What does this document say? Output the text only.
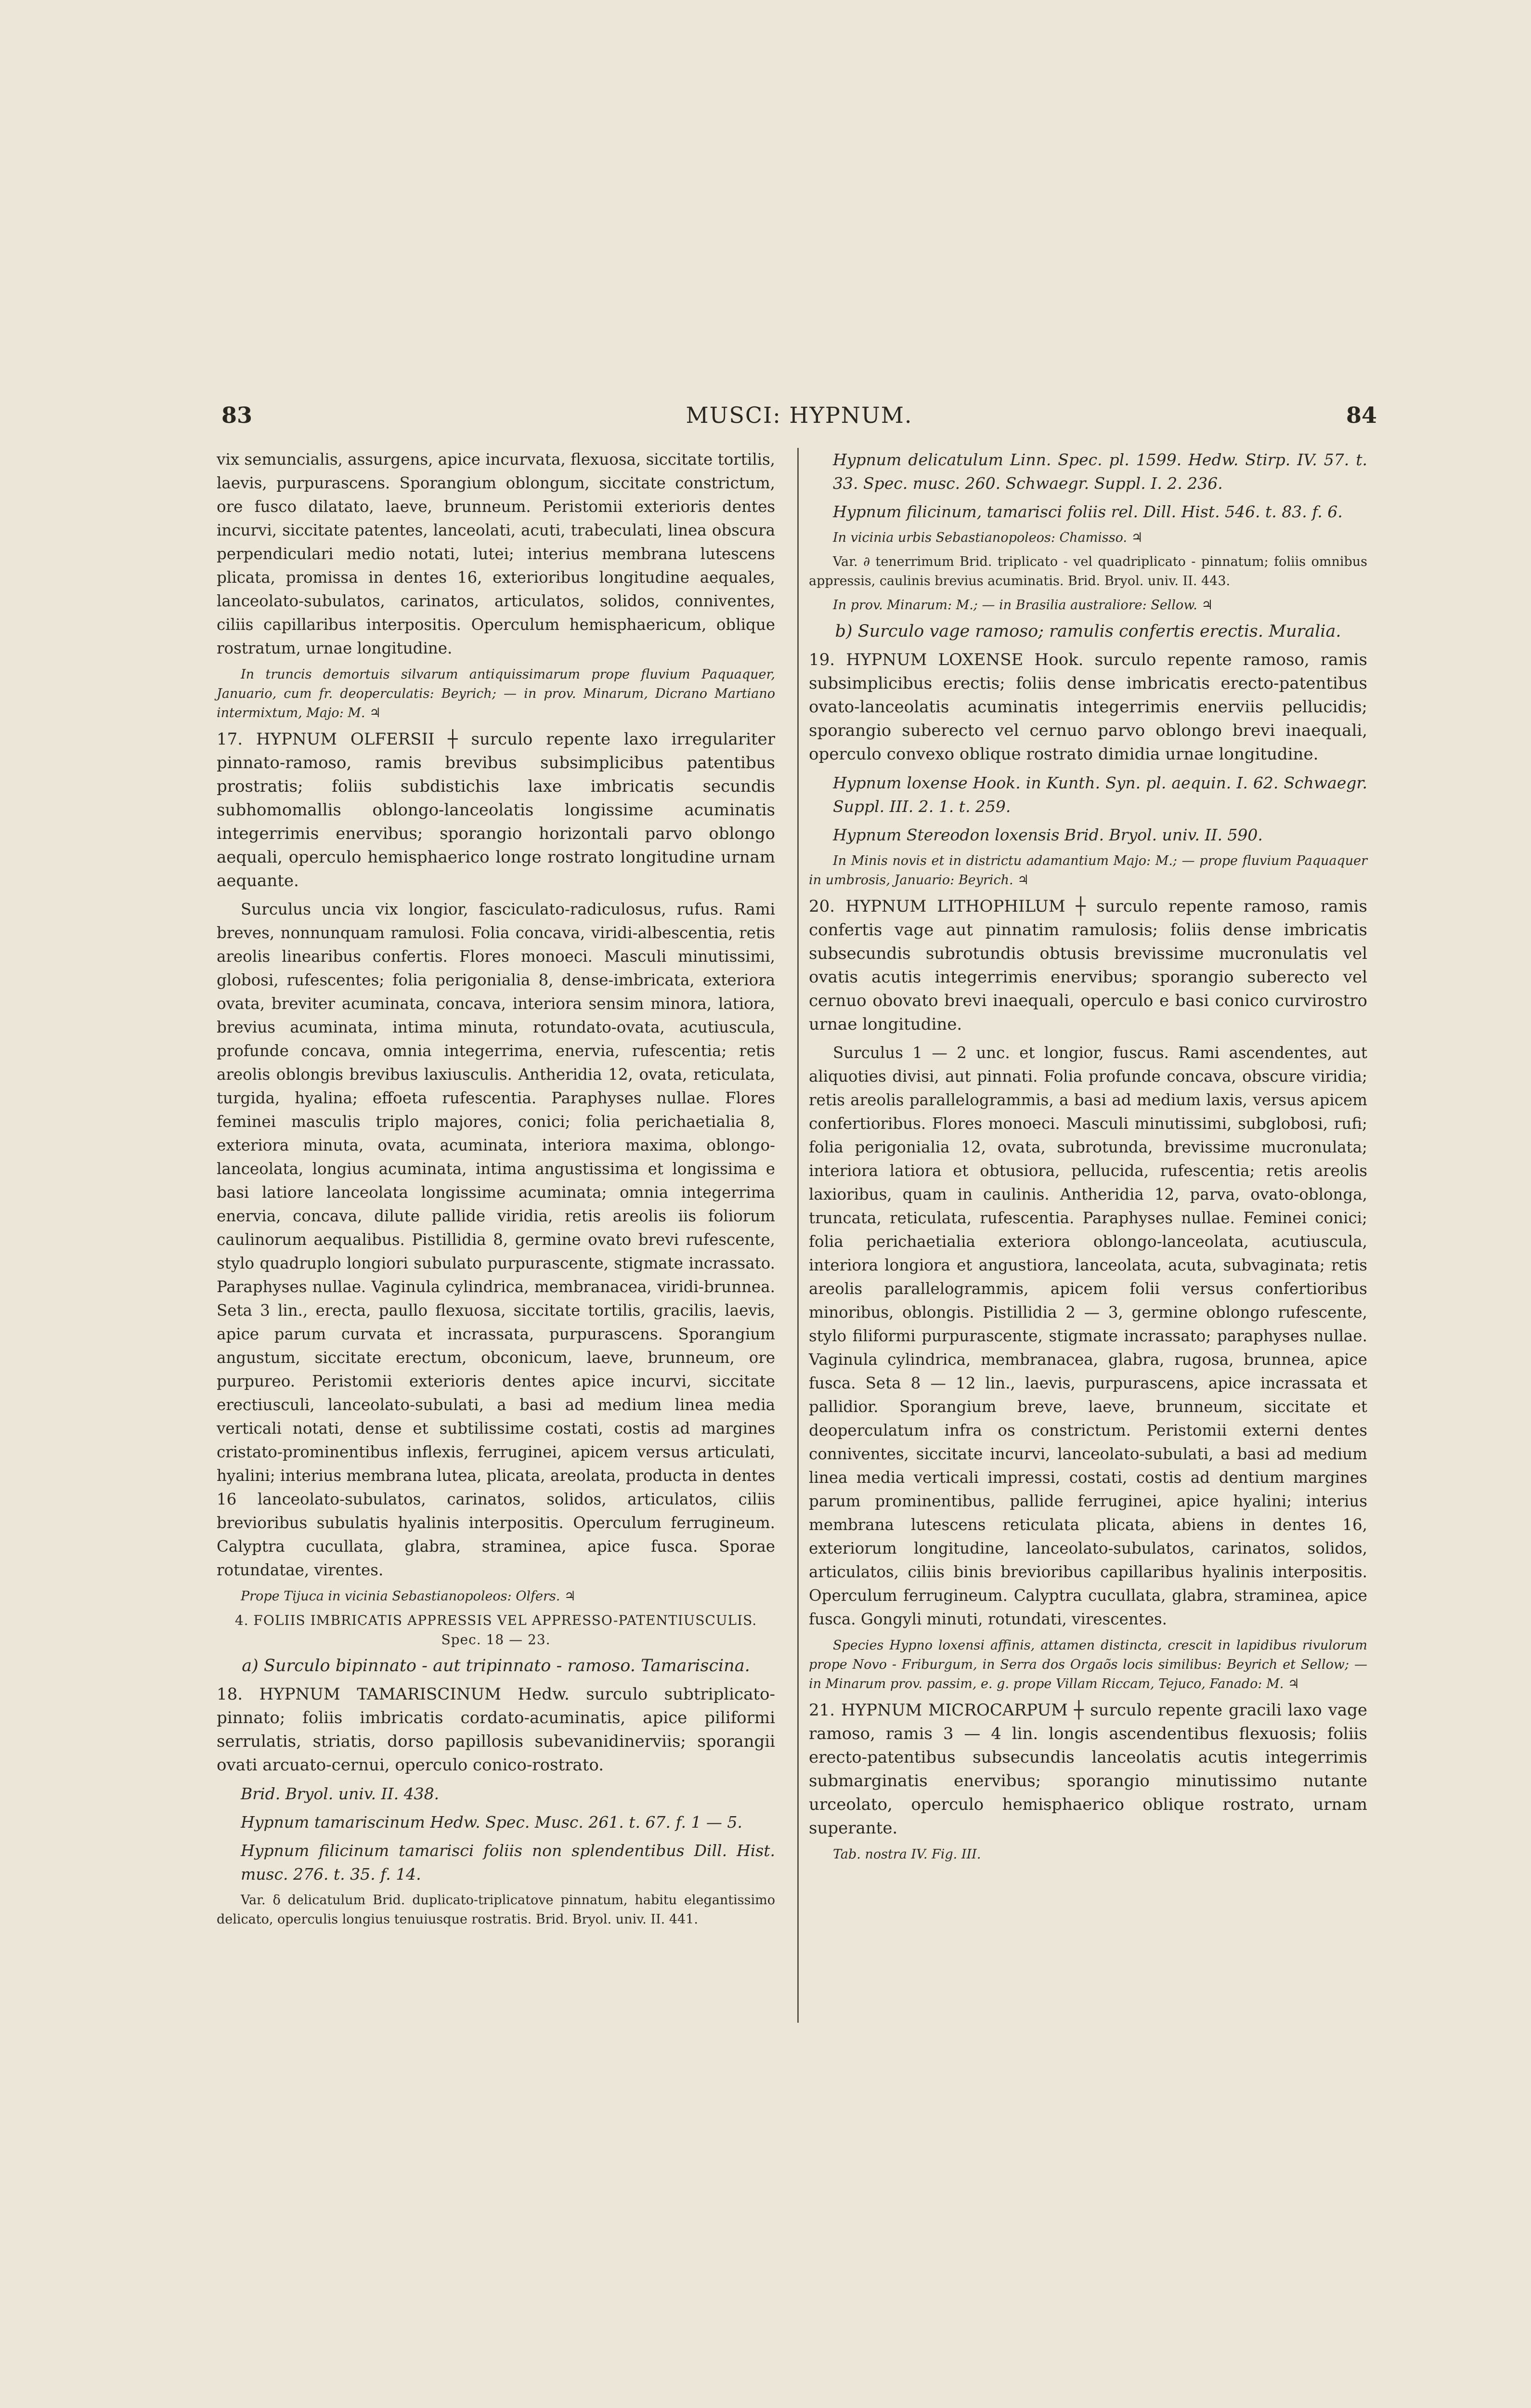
83	MUSCI: HYPNUM.	84

vix semuncialis, assurgens, apice incurvata, flexuosa, siccitate tortilis, laevis, purpurascens. Sporangium oblongum, siccitate constrictum, ore fusco dilatato, laeve, brunneum. Peristomii exterioris dentes incurvi, siccitate patentes, lanceolati, acuti, trabeculati, linea obscura perpendiculari medio notati, lutei; interius membrana lutescens plicata, promissa in dentes 16, exterioribus longitudine aequales, lanceolato-subulatos, carinatos, articulatos, solidos, conniventes, ciliis capillaribus interpositis. Operculum hemisphaericum, oblique rostratum, urnae longitudine.

In truncis demortuis silvarum antiquissimarum prope fluvium Paquaquer, Januario, cum fr. deoperculatis: Beyrich; — in prov. Minarum, Dicrano Martiano intermixtum, Majo: M. ♃

17. HYPNUM OLFERSII ┼ surculo repente laxo irregulariter pinnato-ramoso, ramis brevibus subsimplicibus patentibus prostratis; foliis subdistichis laxe imbricatis secundis subhomomallis oblongo-lanceolatis longissime acuminatis integerrimis enervibus; sporangio horizontali parvo oblongo aequali, operculo hemisphaerico longe rostrato longitudine urnam aequante.

Surculus uncia vix longior, fasciculato-radiculosus, rufus. Rami breves, nonnunquam ramulosi. Folia concava, viridi-albescentia, retis areolis linearibus confertis. Flores monoeci. Masculi minutissimi, globosi, rufescentes; folia perigonialia 8, dense-imbricata, exteriora ovata, breviter acuminata, concava, interiora sensim minora, latiora, brevius acuminata, intima minuta, rotundato-ovata, acutiuscula, profunde concava, omnia integerrima, enervia, rufescentia; retis areolis oblongis brevibus laxiusculis. Antheridia 12, ovata, reticulata, turgida, hyalina; effoeta rufescentia. Paraphyses nullae. Flores feminei masculis triplo majores, conici; folia perichaetialia 8, exteriora minuta, ovata, acuminata, interiora maxima, oblongo-lanceolata, longius acuminata, intima angustissima et longissima e basi latiore lanceolata longissime acuminata; omnia integerrima enervia, concava, dilute pallide viridia, retis areolis iis foliorum caulinorum aequalibus. Pistillidia 8, germine ovato brevi rufescente, stylo quadruplo longiori subulato purpurascente, stigmate incrassato. Paraphyses nullae. Vaginula cylindrica, membranacea, viridi-brunnea. Seta 3 lin., erecta, paullo flexuosa, siccitate tortilis, gracilis, laevis, apice parum curvata et incrassata, purpurascens. Sporangium angustum, siccitate erectum, obconicum, laeve, brunneum, ore purpureo. Peristomii exterioris dentes apice incurvi, siccitate erectiusculi, lanceolato-subulati, a basi ad medium linea media verticali notati, dense et subtilissime costati, costis ad margines cristato-prominentibus inflexis, ferruginei, apicem versus articulati, hyalini; interius membrana lutea, plicata, areolata, producta in dentes 16 lanceolato-subulatos, carinatos, solidos, articulatos, ciliis brevioribus subulatis hyalinis interpositis. Operculum ferrugineum. Calyptra cucullata, glabra, straminea, apice fusca. Sporae rotundatae, virentes.

Prope Tijuca in vicinia Sebastianopoleos: Olfers. ♃

4. FOLIIS IMBRICATIS APPRESSIS VEL APPRESSO-PATENTIUSCULIS. Spec. 18 — 23.

a) Surculo bipinnato - aut tripinnato - ramoso. Tamariscina.

18. HYPNUM TAMARISCINUM Hedw. surculo subtriplicato-pinnato; foliis imbricatis cordato-acuminatis, apice piliformi serrulatis, striatis, dorso papillosis subevanidinerviis; sporangii ovati arcuato-cernui, operculo conico-rostrato.

Brid. Bryol. univ. II. 438.

Hypnum tamariscinum Hedw. Spec. Musc. 261. t. 67. f. 1 — 5.

Hypnum filicinum tamarisci foliis non splendentibus Dill. Hist. musc. 276. t. 35. f. 14.

Var. δ delicatulum Brid. duplicato-triplicatove pinnatum, habitu elegantissimo delicato, operculis longius tenuiusque rostratis. Brid. Bryol. univ. II. 441.

Hypnum delicatulum Linn. Spec. pl. 1599. Hedw. Stirp. IV. 57. t. 33. Spec. musc. 260. Schwaegr. Suppl. I. 2. 236.

Hypnum filicinum, tamarisci foliis rel. Dill. Hist. 546. t. 83. f. 6.

In vicinia urbis Sebastianopoleos: Chamisso. ♃

Var. ∂ tenerrimum Brid. triplicato - vel quadriplicato - pinnatum; foliis omnibus appressis, caulinis brevius acuminatis. Brid. Bryol. univ. II. 443.

In prov. Minarum: M.; — in Brasilia australiore: Sellow. ♃

b) Surculo vage ramoso; ramulis confertis erectis. Muralia.

19. HYPNUM LOXENSE Hook. surculo repente ramoso, ramis subsimplicibus erectis; foliis dense imbricatis erecto-patentibus ovato-lanceolatis acuminatis integerrimis enerviis pellucidis; sporangio suberecto vel cernuo parvo oblongo brevi inaequali, operculo convexo oblique rostrato dimidia urnae longitudine.

Hypnum loxense Hook. in Kunth. Syn. pl. aequin. I. 62. Schwaegr. Suppl. III. 2. 1. t. 259.

Hypnum Stereodon loxensis Brid. Bryol. univ. II. 590.

In Minis novis et in districtu adamantium Majo: M.; — prope fluvium Paquaquer in umbrosis, Januario: Beyrich. ♃

20. HYPNUM LITHOPHILUM ┼ surculo repente ramoso, ramis confertis vage aut pinnatim ramulosis; foliis dense imbricatis subsecundis subrotundis obtusis brevissime mucronulatis vel ovatis acutis integerrimis enervibus; sporangio suberecto vel cernuo obovato brevi inaequali, operculo e basi conico curvirostro urnae longitudine.

Surculus 1 — 2 unc. et longior, fuscus. Rami ascendentes, aut aliquoties divisi, aut pinnati. Folia profunde concava, obscure viridia; retis areolis parallelogrammis, a basi ad medium laxis, versus apicem confertioribus. Flores monoeci. Masculi minutissimi, subglobosi, rufi; folia perigonialia 12, ovata, subrotunda, brevissime mucronulata; interiora latiora et obtusiora, pellucida, rufescentia; retis areolis laxioribus, quam in caulinis. Antheridia 12, parva, ovato-oblonga, truncata, reticulata, rufescentia. Paraphyses nullae. Feminei conici; folia perichaetialia exteriora oblongo-lanceolata, acutiuscula, interiora longiora et angustiora, lanceolata, acuta, subvaginata; retis areolis parallelogrammis, apicem folii versus confertioribus minoribus, oblongis. Pistillidia 2 — 3, germine oblongo rufescente, stylo filiformi purpurascente, stigmate incrassato; paraphyses nullae. Vaginula cylindrica, membranacea, glabra, rugosa, brunnea, apice fusca. Seta 8 — 12 lin., laevis, purpurascens, apice incrassata et pallidior. Sporangium breve, laeve, brunneum, siccitate et deoperculatum infra os constrictum. Peristomii externi dentes conniventes, siccitate incurvi, lanceolato-subulati, a basi ad medium linea media verticali impressi, costati, costis ad dentium margines parum prominentibus, pallide ferruginei, apice hyalini; interius membrana lutescens reticulata plicata, abiens in dentes 16, exteriorum longitudine, lanceolato-subulatos, carinatos, solidos, articulatos, ciliis binis brevioribus capillaribus hyalinis interpositis. Operculum ferrugineum. Calyptra cucullata, glabra, straminea, apice fusca. Gongyli minuti, rotundati, virescentes.

Species Hypno loxensi affinis, attamen distincta, crescit in lapidibus rivulorum prope Novo - Friburgum, in Serra dos Orgaõs locis similibus: Beyrich et Sellow; — in Minarum prov. passim, e. g. prope Villam Riccam, Tejuco, Fanado: M. ♃

21. HYPNUM MICROCARPUM ┼ surculo repente gracili laxo vage ramoso, ramis 3 — 4 lin. longis ascendentibus flexuosis; foliis erecto-patentibus subsecundis lanceolatis acutis integerrimis submarginatis enervibus; sporangio minutissimo nutante urceolato, operculo hemisphaerico oblique rostrato, urnam superante.

Tab. nostra IV. Fig. III.
